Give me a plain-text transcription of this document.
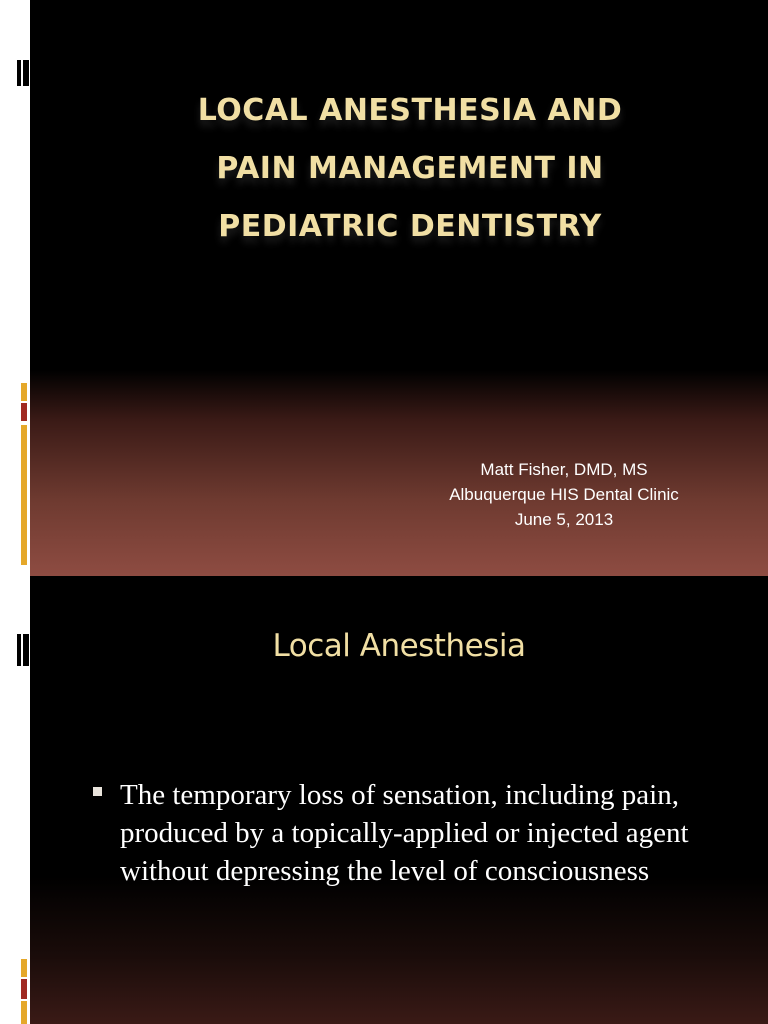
LOCAL ANESTHESIA AND
PAIN MANAGEMENT IN
PEDIATRIC DENTISTRY
Matt Fisher, DMD, MS
Albuquerque HIS Dental Clinic
June 5, 2013
Local Anesthesia
The temporary loss of sensation, including pain, produced by a topically-applied or injected agent without depressing the level of consciousness
